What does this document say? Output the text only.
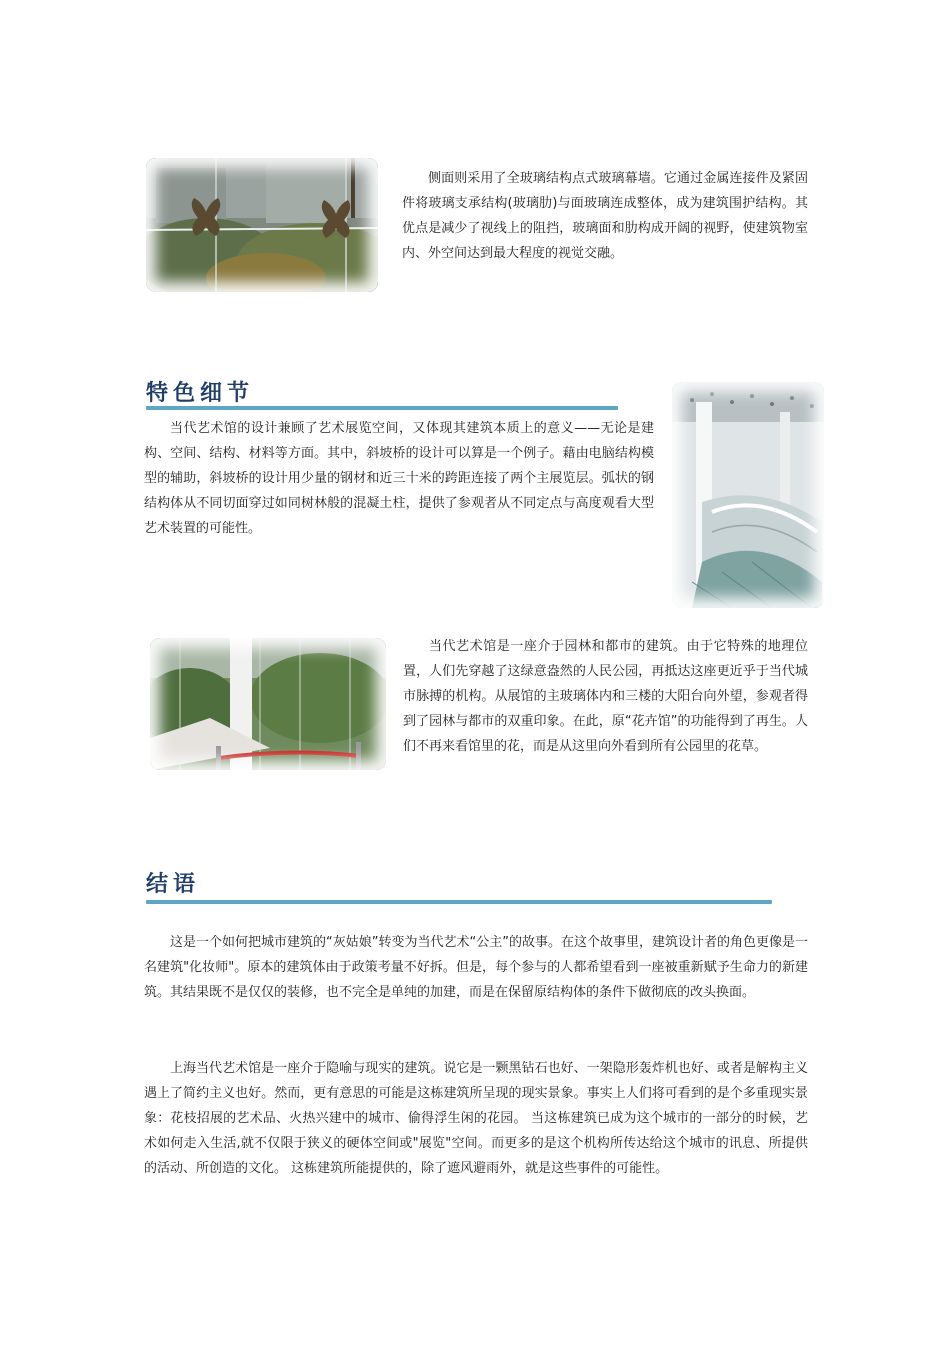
侧面则采用了全玻璃结构点式玻璃幕墙。它通过金属连接件及紧固件将玻璃支承结构(玻璃肋)与面玻璃连成整体，成为建筑围护结构。其优点是减少了视线上的阻挡，玻璃面和肋构成开阔的视野，使建筑物室内、外空间达到最大程度的视觉交融。

特色细节

当代艺术馆的设计兼顾了艺术展览空间，又体现其建筑本质上的意义——无论是建构、空间、结构、材料等方面。其中，斜坡桥的设计可以算是一个例子。藉由电脑结构模型的辅助，斜坡桥的设计用少量的钢材和近三十米的跨距连接了两个主展览层。弧状的钢结构体从不同切面穿过如同树林般的混凝土柱，提供了参观者从不同定点与高度观看大型艺术装置的可能性。

当代艺术馆是一座介于园林和都市的建筑。由于它特殊的地理位置，人们先穿越了这绿意盎然的人民公园，再抵达这座更近乎于当代城市脉搏的机构。从展馆的主玻璃体内和三楼的大阳台向外望，参观者得到了园林与都市的双重印象。在此，原“花卉馆”的功能得到了再生。人们不再来看馆里的花，而是从这里向外看到所有公园里的花草。

结语

这是一个如何把城市建筑的“灰姑娘”转变为当代艺术“公主”的故事。在这个故事里，建筑设计者的角色更像是一名建筑"化妆师"。原本的建筑体由于政策考量不好拆。但是，每个参与的人都希望看到一座被重新赋予生命力的新建筑。其结果既不是仅仅的装修，也不完全是单纯的加建，而是在保留原结构体的条件下做彻底的改头换面。

上海当代艺术馆是一座介于隐喻与现实的建筑。说它是一颗黑钻石也好、一架隐形轰炸机也好、或者是解构主义遇上了简约主义也好。然而，更有意思的可能是这栋建筑所呈现的现实景象。事实上人们将可看到的是个多重现实景象：花枝招展的艺术品、火热兴建中的城市、偷得浮生闲的花园。 当这栋建筑已成为这个城市的一部分的时候，艺术如何走入生活,就不仅限于狭义的硬体空间或"展览"空间。而更多的是这个机构所传达给这个城市的讯息、所提供的活动、所创造的文化。 这栋建筑所能提供的，除了遮风避雨外，就是这些事件的可能性。
